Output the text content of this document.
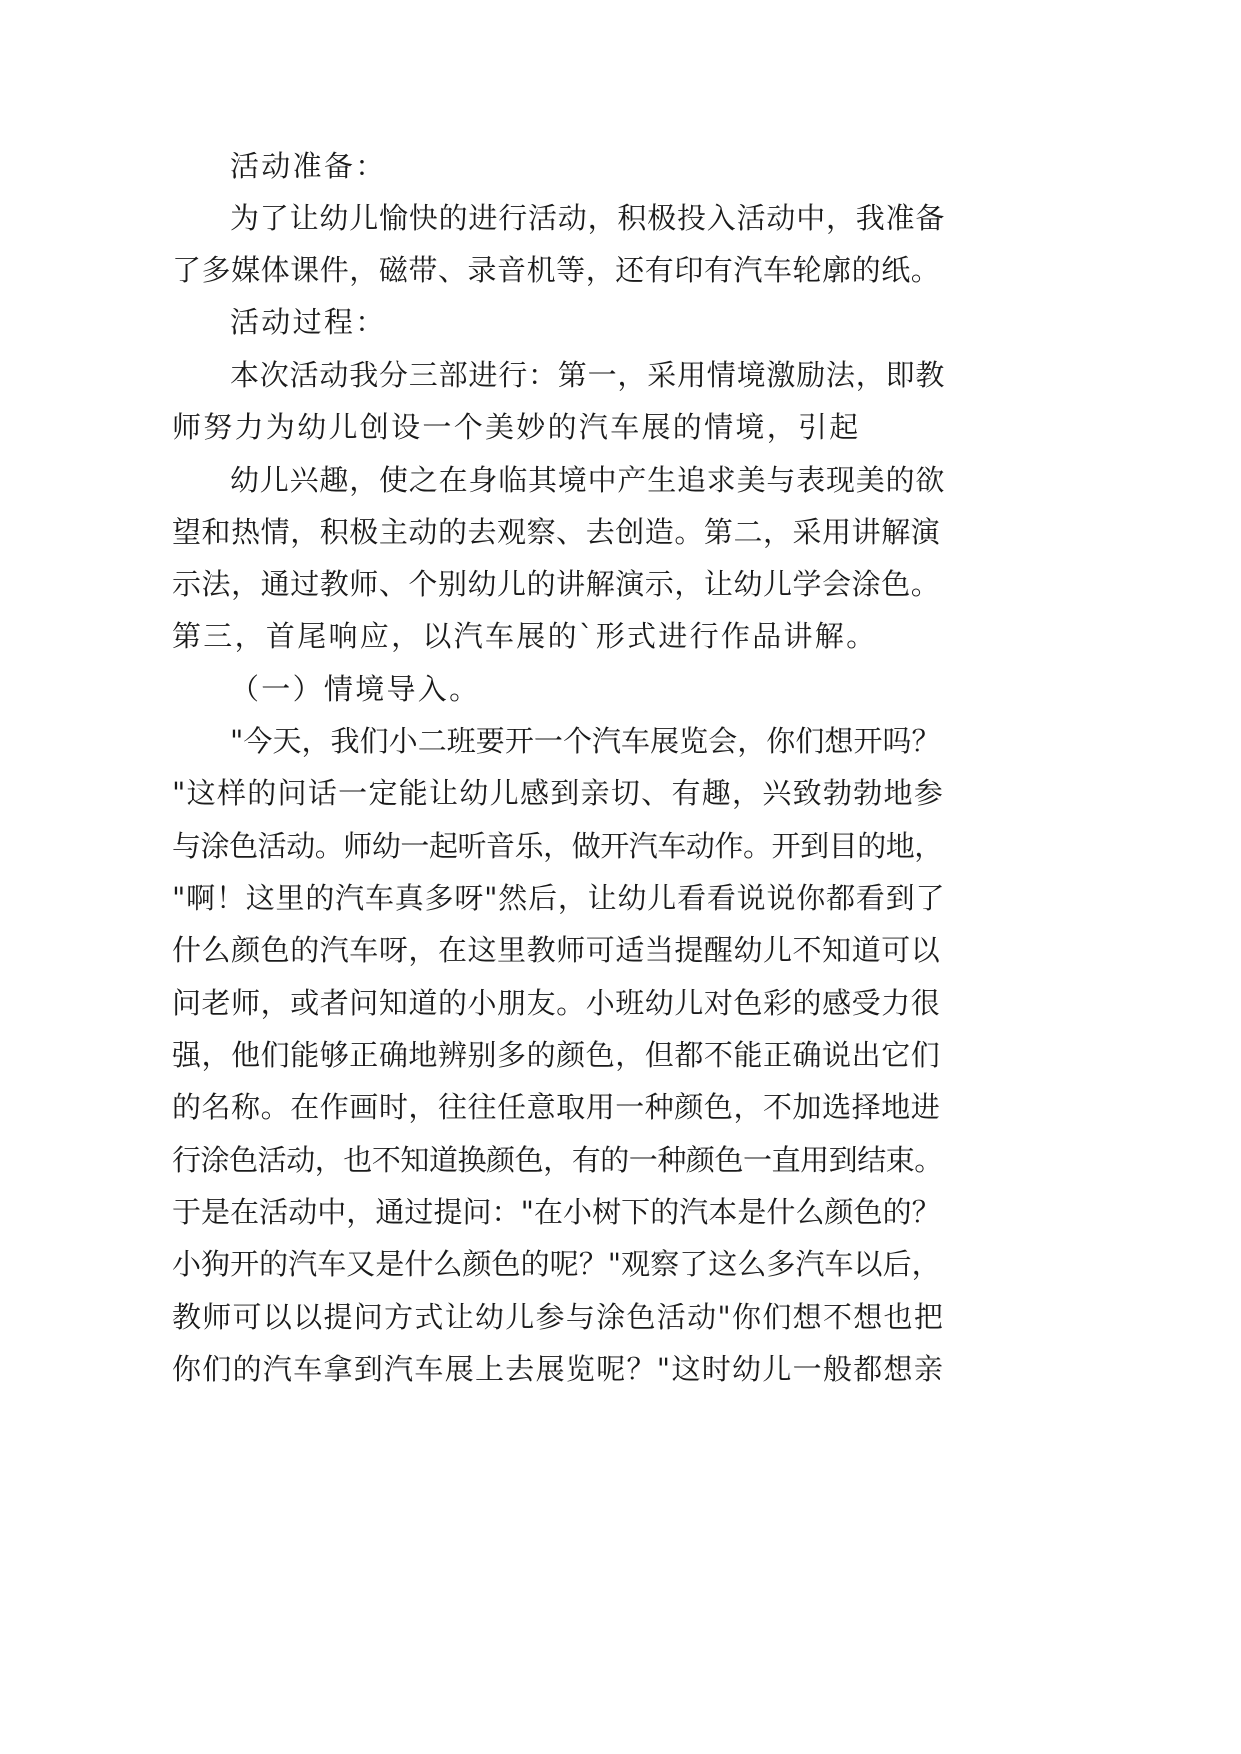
活动准备：
为了让幼儿愉快的进行活动，积极投入活动中，我准备
了多媒体课件，磁带、录音机等，还有印有汽车轮廓的纸。
活动过程：
本次活动我分三部进行：第一，采用情境激励法，即教
师努力为幼儿创设一个美妙的汽车展的情境，引起
幼儿兴趣，使之在身临其境中产生追求美与表现美的欲
望和热情，积极主动的去观察、去创造。第二，采用讲解演
示法，通过教师、个别幼儿的讲解演示，让幼儿学会涂色。
第三，首尾响应，以汽车展的`形式进行作品讲解。
（一）情境导入。
"今天，我们小二班要开一个汽车展览会，你们想开吗？
"这样的问话一定能让幼儿感到亲切、有趣，兴致勃勃地参
与涂色活动。师幼一起听音乐，做开汽车动作。开到目的地，
"啊！这里的汽车真多呀"然后，让幼儿看看说说你都看到了
什么颜色的汽车呀，在这里教师可适当提醒幼儿不知道可以
问老师，或者问知道的小朋友。小班幼儿对色彩的感受力很
强，他们能够正确地辨别多的颜色，但都不能正确说出它们
的名称。在作画时，往往任意取用一种颜色，不加选择地进
行涂色活动，也不知道换颜色，有的一种颜色一直用到结束。
于是在活动中，通过提问："在小树下的汽本是什么颜色的？
小狗开的汽车又是什么颜色的呢？"观察了这么多汽车以后，
教师可以以提问方式让幼儿参与涂色活动"你们想不想也把
你们的汽车拿到汽车展上去展览呢？"这时幼儿一般都想亲
